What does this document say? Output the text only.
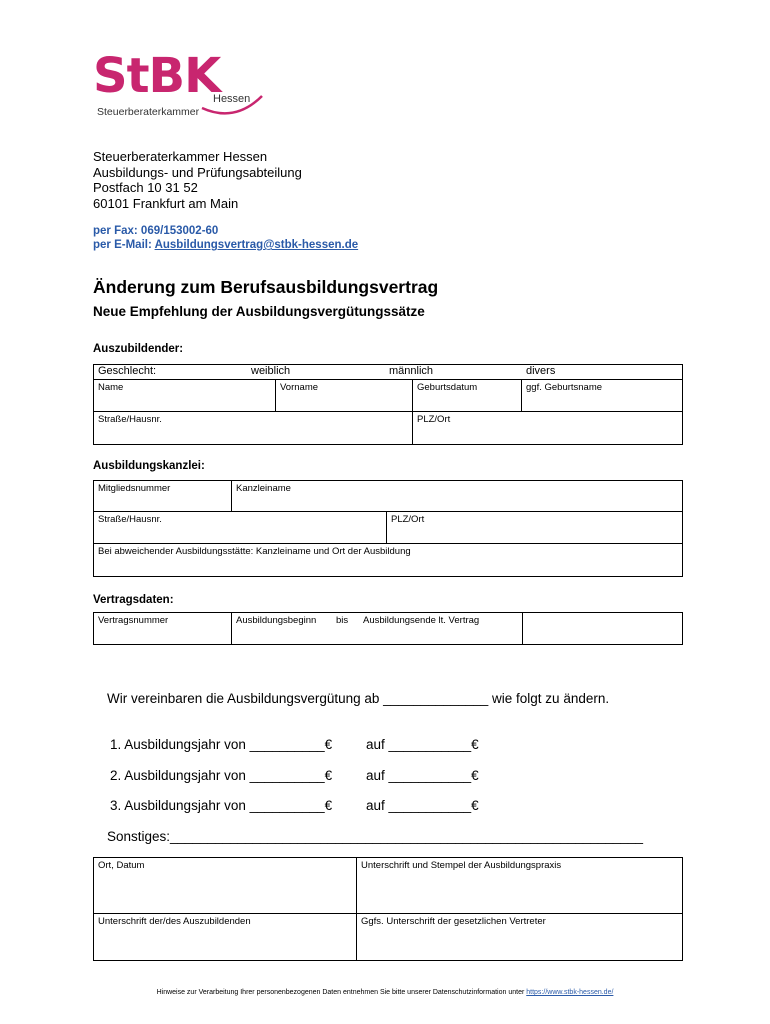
StBK
Hessen
Steuerberaterkammer
Steuerberaterkammer Hessen
Ausbildungs- und Prüfungsabteilung
Postfach 10 31 52
60101 Frankfurt am Main
per Fax: 069/153002-60
per E-Mail: Ausbildungsvertrag@stbk-hessen.de
Änderung zum Berufsausbildungsvertrag
Neue Empfehlung der Ausbildungsvergütungssätze
Auszubildender:
Geschlecht:	weiblich	männlich	divers
Name	Vorname	Geburtsdatum	ggf. Geburtsname
Straße/Hausnr.	PLZ/Ort
Ausbildungskanzlei:
Mitgliedsnummer	Kanzleiname
Straße/Hausnr.	PLZ/Ort
Bei abweichender Ausbildungsstätte: Kanzleiname und Ort der Ausbildung
Vertragsdaten:
Vertragsnummer	Ausbildungsbeginn bis Ausbildungsende lt. Vertrag
Wir vereinbaren die Ausbildungsvergütung ab ______________ wie folgt zu ändern.
1. Ausbildungsjahr von __________€	auf ___________€
2. Ausbildungsjahr von __________€	auf ___________€
3. Ausbildungsjahr von __________€	auf ___________€
Sonstiges:_______________________________________________________________
Ort, Datum	Unterschrift und Stempel der Ausbildungspraxis
Unterschrift der/des Auszubildenden	Ggfs. Unterschrift der gesetzlichen Vertreter
Hinweise zur Verarbeitung Ihrer personenbezogenen Daten entnehmen Sie bitte unserer Datenschutzinformation unter https://www.stbk-hessen.de/
